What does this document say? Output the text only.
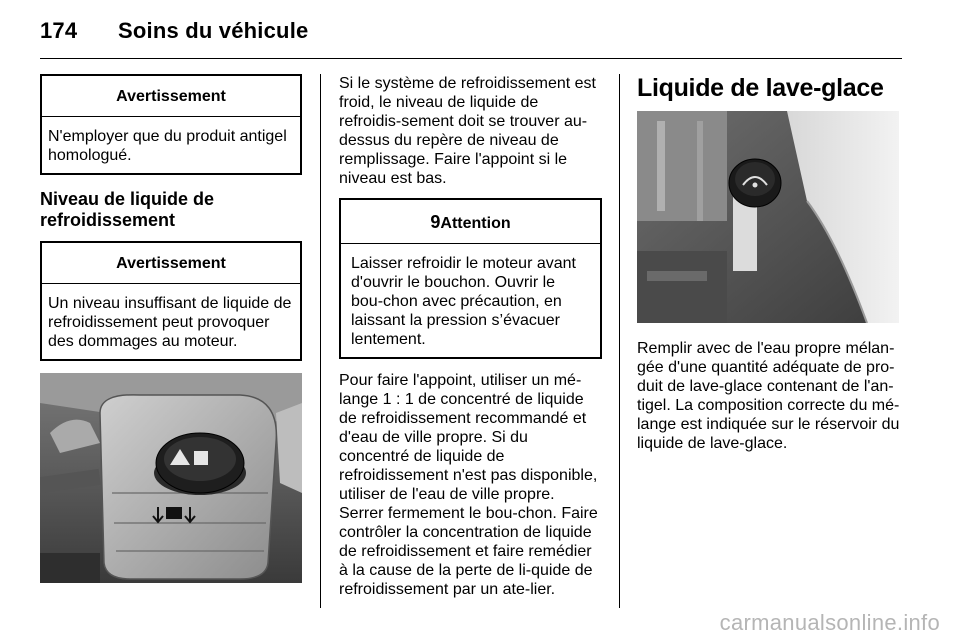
174 Soins du véhicule
Avertissement
N'employer que du produit antigel homologué.
Niveau de liquide de refroidissement
Avertissement
Un niveau insuffisant de liquide de refroidissement peut provoquer des dommages au moteur.

Si le système de refroidissement est froid, le niveau de liquide de refroidis-sement doit se trouver au-dessus du repère de niveau de remplissage. Faire l'appoint si le niveau est bas.

9Attention
Laisser refroidir le moteur avant d'ouvrir le bouchon. Ouvrir le bou-chon avec précaution, en laissant la pression s’évacuer lentement.

Pour faire l'appoint, utiliser un mé-lange 1 : 1 de concentré de liquide de refroidissement recommandé et d'eau de ville propre. Si du concentré de liquide de refroidissement n'est pas disponible, utiliser de l'eau de ville propre. Serrer fermement le bou-chon. Faire contrôler la concentration de liquide de refroidissement et faire remédier à la cause de la perte de li-quide de refroidissement par un ate-lier.

Liquide de lave-glace

Remplir avec de l'eau propre mélan-gée d'une quantité adéquate de pro-duit de lave-glace contenant de l'an-tigel. La composition correcte du mé-lange est indiquée sur le réservoir du liquide de lave-glace.

carmanualsonline.info
